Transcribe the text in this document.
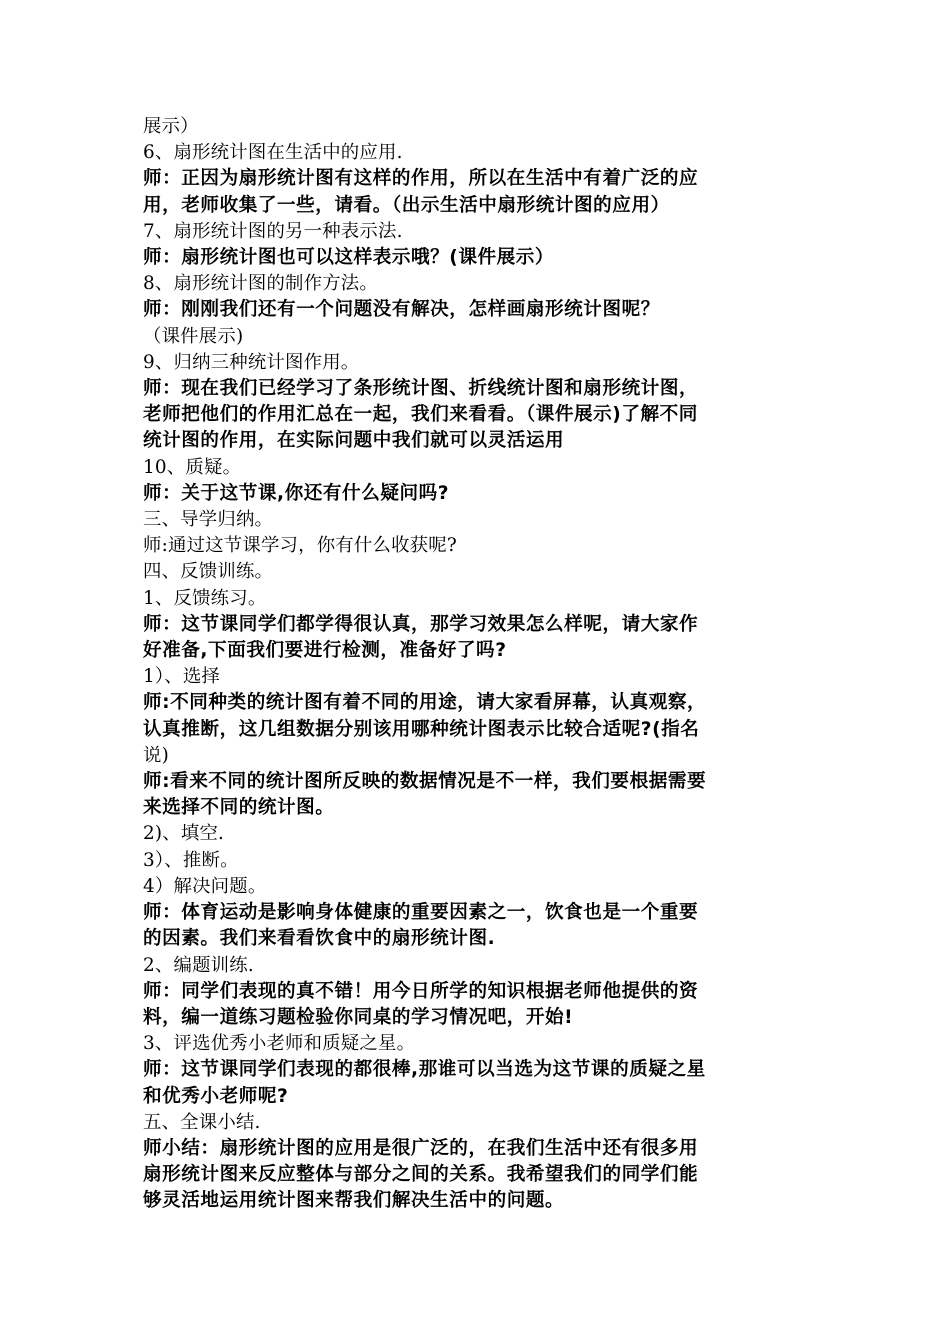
展示）
6、扇形统计图在生活中的应用.
师：正因为扇形统计图有这样的作用，所以在生活中有着广泛的应
用，老师收集了一些，请看。（出示生活中扇形统计图的应用）
7、扇形统计图的另一种表示法.
师：扇形统计图也可以这样表示哦？(课件展示）
8、扇形统计图的制作方法。
师：刚刚我们还有一个问题没有解决，怎样画扇形统计图呢？
（课件展示)
9、归纳三种统计图作用。
师：现在我们已经学习了条形统计图、折线统计图和扇形统计图，
老师把他们的作用汇总在一起，我们来看看。（课件展示)了解不同
统计图的作用，在实际问题中我们就可以灵活运用
10、质疑。
师：关于这节课,你还有什么疑问吗?
三、导学归纳。
师:通过这节课学习，你有什么收获呢?
四、反馈训练。
1、反馈练习。
师：这节课同学们都学得很认真，那学习效果怎么样呢，请大家作
好准备,下面我们要进行检测，准备好了吗?
1）、选择
师:不同种类的统计图有着不同的用途，请大家看屏幕，认真观察，
认真推断，这几组数据分别该用哪种统计图表示比较合适呢?(指名
说)
师:看来不同的统计图所反映的数据情况是不一样，我们要根据需要
来选择不同的统计图。
2)、填空.
3）、推断。
4）解决问题。
师：体育运动是影响身体健康的重要因素之一，饮食也是一个重要
的因素。我们来看看饮食中的扇形统计图.
2、编题训练.
师：同学们表现的真不错！用今日所学的知识根据老师他提供的资
料，编一道练习题检验你同桌的学习情况吧，开始!
3、评选优秀小老师和质疑之星。
师：这节课同学们表现的都很棒,那谁可以当选为这节课的质疑之星
和优秀小老师呢?
五、全课小结.
师小结：扇形统计图的应用是很广泛的，在我们生活中还有很多用
扇形统计图来反应整体与部分之间的关系。我希望我们的同学们能
够灵活地运用统计图来帮我们解决生活中的问题。
